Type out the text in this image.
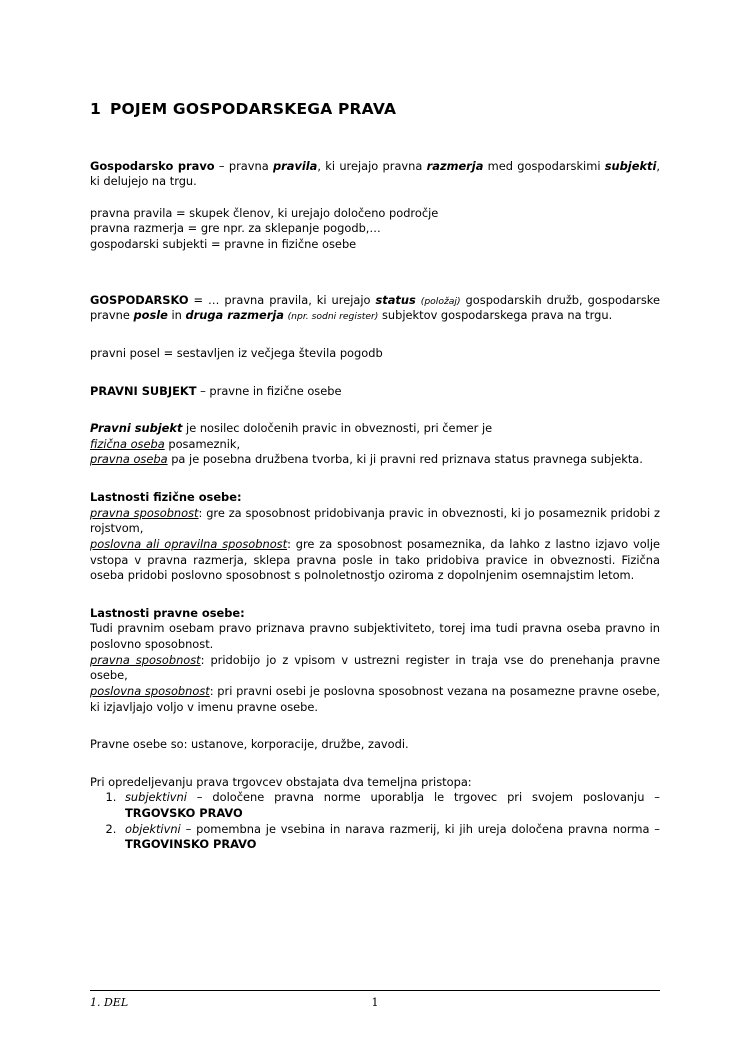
1 POJEM GOSPODARSKEGA PRAVA

Gospodarsko pravo – pravna pravila, ki urejajo pravna razmerja med gospodarskimi subjekti, ki delujejo na trgu.

pravna pravila = skupek členov, ki urejajo določeno področje

pravna razmerja = gre npr. za sklepanje pogodb,…

gospodarski subjekti = pravne in fizične osebe

GOSPODARSKO = … pravna pravila, ki urejajo status (položaj) gospodarskih družb, gospodarske pravne posle in druga razmerja (npr. sodni register) subjektov gospodarskega prava na trgu.

pravni posel = sestavljen iz večjega števila pogodb

PRAVNI SUBJEKT – pravne in fizične osebe

Pravni subjekt je nosilec določenih pravic in obveznosti, pri čemer je

fizična oseba posameznik,

pravna oseba pa je posebna družbena tvorba, ki ji pravni red priznava status pravnega subjekta.

Lastnosti fizične osebe:

pravna sposobnost: gre za sposobnost pridobivanja pravic in obveznosti, ki jo posameznik pridobi z rojstvom,

poslovna ali opravilna sposobnost: gre za sposobnost posameznika, da lahko z lastno izjavo volje vstopa v pravna razmerja, sklepa pravna posle in tako pridobiva pravice in obveznosti. Fizična oseba pridobi poslovno sposobnost s polnoletnostjo oziroma z dopolnjenim osemnajstim letom.

Lastnosti pravne osebe:

Tudi pravnim osebam pravo priznava pravno subjektiviteto, torej ima tudi pravna oseba pravno in poslovno sposobnost.

pravna sposobnost: pridobijo jo z vpisom v ustrezni register in traja vse do prenehanja pravne osebe,

poslovna sposobnost: pri pravni osebi je poslovna sposobnost vezana na posamezne pravne osebe, ki izjavljajo voljo v imenu pravne osebe.

Pravne osebe so: ustanove, korporacije, družbe, zavodi.

Pri opredeljevanju prava trgovcev obstajata dva temeljna pristopa:

1. subjektivni – določene pravna norme uporablja le trgovec pri svojem poslovanju – TRGOVSKO PRAVO
2. objektivni – pomembna je vsebina in narava razmerij, ki jih ureja določena pravna norma – TRGOVINSKO PRAVO
1. DEL	1
